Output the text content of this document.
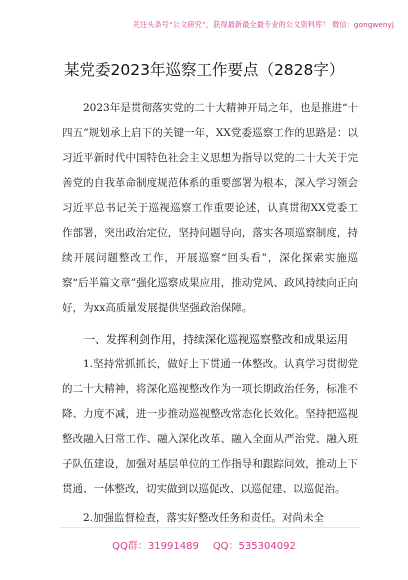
关注头条号“公文研究”，获得最新最全最专业的公文资料库！ 微信：gongwenyj
某党委2023年巡察工作要点（2828字）

2023年是贯彻落实党的二十大精神开局之年，也是推进“十四五”规划承上启下的关键一年，XX党委巡察工作的思路是：以习近平新时代中国特色社会主义思想为指导以党的二十大关于完善党的自我革命制度规范体系的重要部署为根本，深入学习领会习近平总书记关于巡视巡察工作重要论述，认真贯彻XX党委工作部署，突出政治定位，坚持问题导向，落实各项巡察制度，持续开展问题整改工作，开展巡察“回头看”，深化探索实施巡察“后半篇文章”强化巡察成果应用，推动党风、政风持续向正向好，为xx高质量发展提供坚强政治保障。

一、发挥利剑作用，持续深化巡视巡察整改和成果运用

1.坚持常抓抓长，做好上下贯通一体整改。认真学习贯彻党的二十大精神，将深化巡视整改作为一项长期政治任务，标准不降、力度不减，进一步推动巡视整改常态化长效化。坚持把巡视整改融入日常工作、融入深化改革、融入全面从严治党、融入班子队伍建设，加强对基层单位的工作指导和跟踪问效，推动上下贯通、一体整改，切实做到以巡促改、以巡促建、以巡促治。

2.加强监督检查，落实好整改任务和责任。对尚未全

QQ群：31991489 QQ：535304092
